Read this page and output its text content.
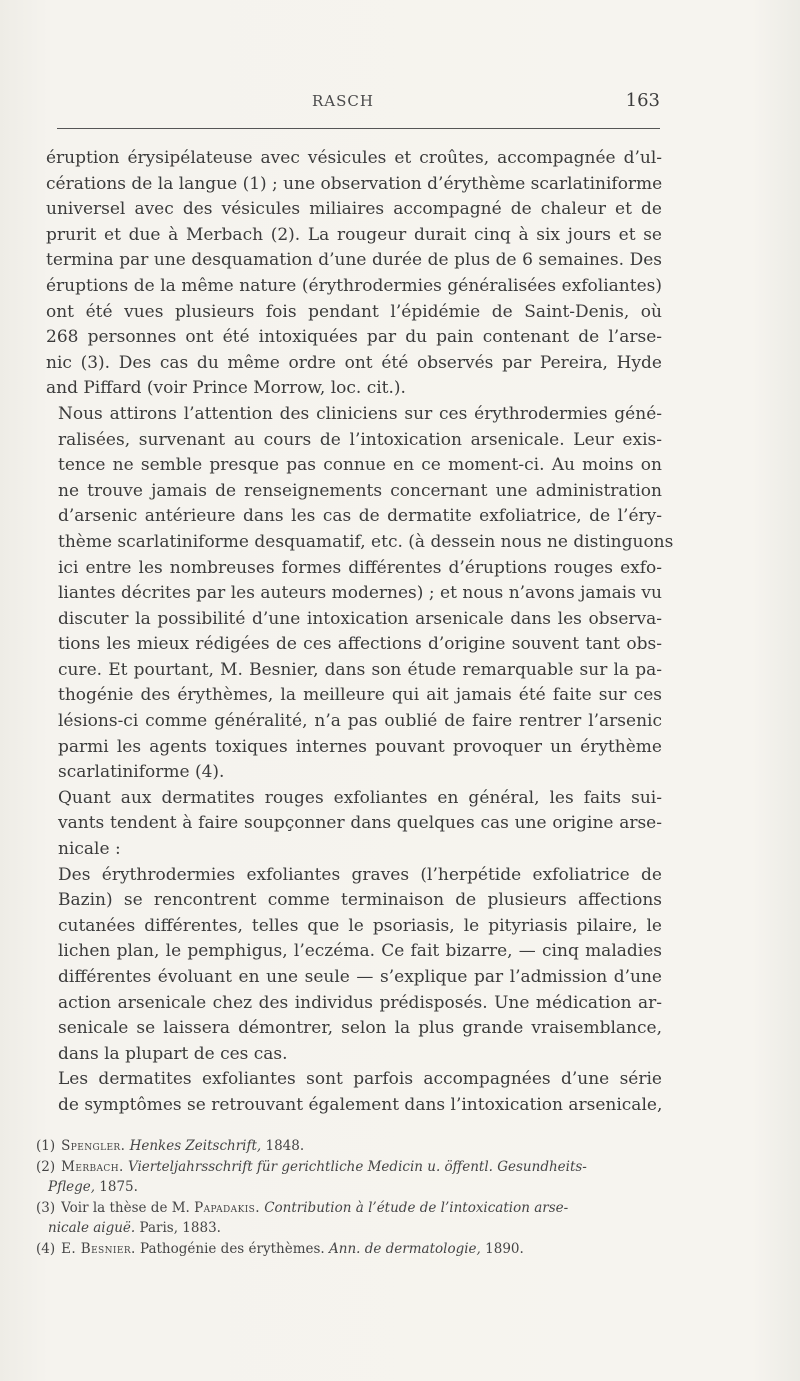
RASCH	163

éruption érysipélateuse avec vésicules et croûtes, accompagnée d’ul-
cérations de la langue (1) ; une observation d’érythème scarlatiniforme
universel avec des vésicules miliaires accompagné de chaleur et de
prurit et due à Merbach (2). La rougeur durait cinq à six jours et se
termina par une desquamation d’une durée de plus de 6 semaines. Des
éruptions de la même nature (érythrodermies généralisées exfoliantes)
ont été vues plusieurs fois pendant l’épidémie de Saint-Denis, où
268 personnes ont été intoxiquées par du pain contenant de l’arse-
nic (3). Des cas du même ordre ont été observés par Pereira, Hyde
and Piffard (voir Prince Morrow, loc. cit.).

Nous attirons l’attention des cliniciens sur ces érythrodermies géné-
ralisées, survenant au cours de l’intoxication arsenicale. Leur exis-
tence ne semble presque pas connue en ce moment-ci. Au moins on
ne trouve jamais de renseignements concernant une administration
d’arsenic antérieure dans les cas de dermatite exfoliatrice, de l’éry-
thème scarlatiniforme desquamatif, etc. (à dessein nous ne distinguons
ici entre les nombreuses formes différentes d’éruptions rouges exfo-
liantes décrites par les auteurs modernes) ; et nous n’avons jamais vu
discuter la possibilité d’une intoxication arsenicale dans les observa-
tions les mieux rédigées de ces affections d’origine souvent tant obs-
cure. Et pourtant, M. Besnier, dans son étude remarquable sur la pa-
thogénie des érythèmes, la meilleure qui ait jamais été faite sur ces
lésions-ci comme généralité, n’a pas oublié de faire rentrer l’arsenic
parmi les agents toxiques internes pouvant provoquer un érythème
scarlatiniforme (4).

Quant aux dermatites rouges exfoliantes en général, les faits sui-
vants tendent à faire soupçonner dans quelques cas une origine arse-
nicale :

Des érythrodermies exfoliantes graves (l’herpétide exfoliatrice de
Bazin) se rencontrent comme terminaison de plusieurs affections
cutanées différentes, telles que le psoriasis, le pityriasis pilaire, le
lichen plan, le pemphigus, l’eczéma. Ce fait bizarre, — cinq maladies
différentes évoluant en une seule — s’explique par l’admission d’une
action arsenicale chez des individus prédisposés. Une médication ar-
senicale se laissera démontrer, selon la plus grande vraisemblance,
dans la plupart de ces cas.

Les dermatites exfoliantes sont parfois accompagnées d’une série
de symptômes se retrouvant également dans l’intoxication arsenicale,

(1) Spengler. Henkes Zeitschrift, 1848.

(2) Merbach. Vierteljahrsschrift für gerichtliche Medicin u. öffentl. Gesundheits-

Pflege, 1875.

(3) Voir la thèse de M. Papadakis. Contribution à l’étude de l’intoxication arse-

nicale aiguë. Paris, 1883.

(4) E. Besnier. Pathogénie des érythèmes. Ann. de dermatologie, 1890.
